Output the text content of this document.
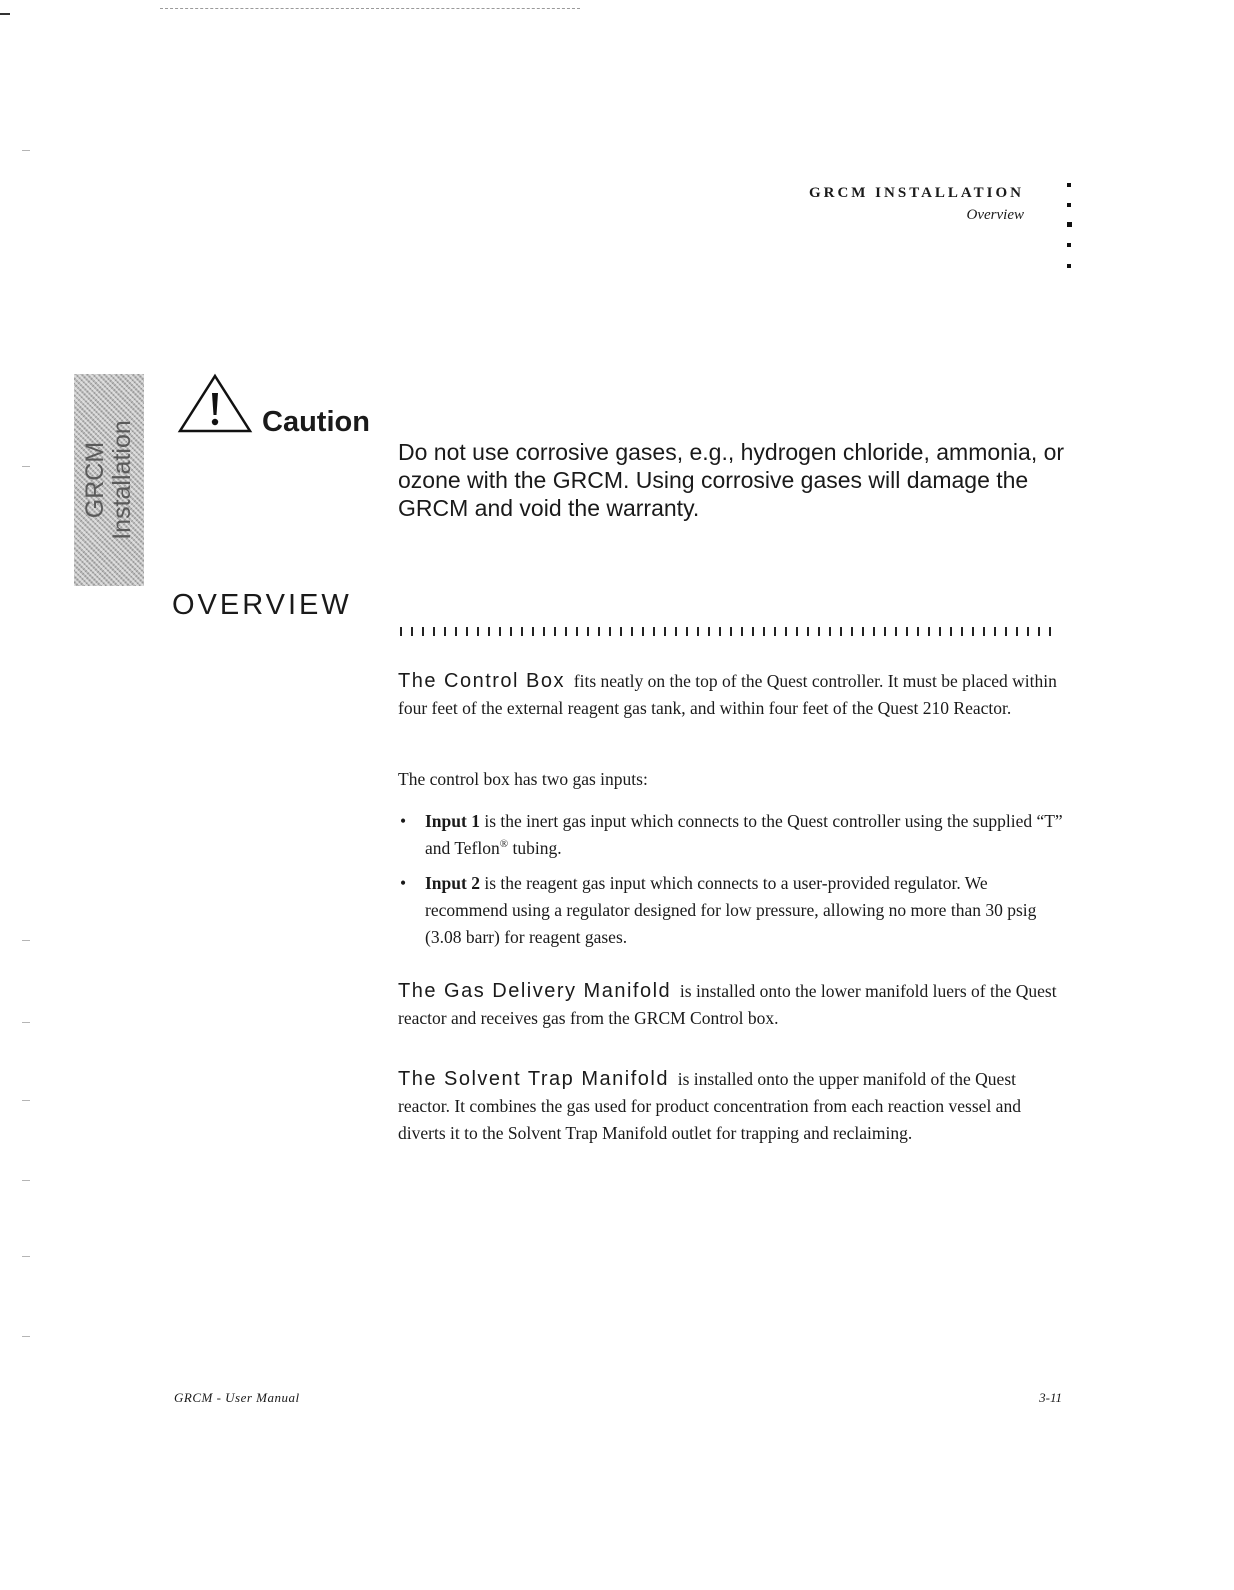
GRCM INSTALLATION
Overview
GRCM Installation	Caution
Do not use corrosive gases, e.g., hydrogen chloride, ammonia, or ozone with the GRCM. Using corrosive gases will damage the GRCM and void the warranty.
OVERVIEW

The Control Box fits neatly on the top of the Quest controller. It must be placed within four feet of the external reagent gas tank, and within four feet of the Quest 210 Reactor.

The control box has two gas inputs:

• Input 1 is the inert gas input which connects to the Quest controller using the supplied “T” and Teflon® tubing.
• Input 2 is the reagent gas input which connects to a user-provided regulator. We recommend using a regulator designed for low pressure, allowing no more than 30 psig (3.08 barr) for reagent gases.

The Gas Delivery Manifold is installed onto the lower manifold luers of the Quest reactor and receives gas from the GRCM Control box.

The Solvent Trap Manifold is installed onto the upper manifold of the Quest reactor. It combines the gas used for product concentration from each reaction vessel and diverts it to the Solvent Trap Manifold outlet for trapping and reclaiming.

GRCM - User Manual	3-11
